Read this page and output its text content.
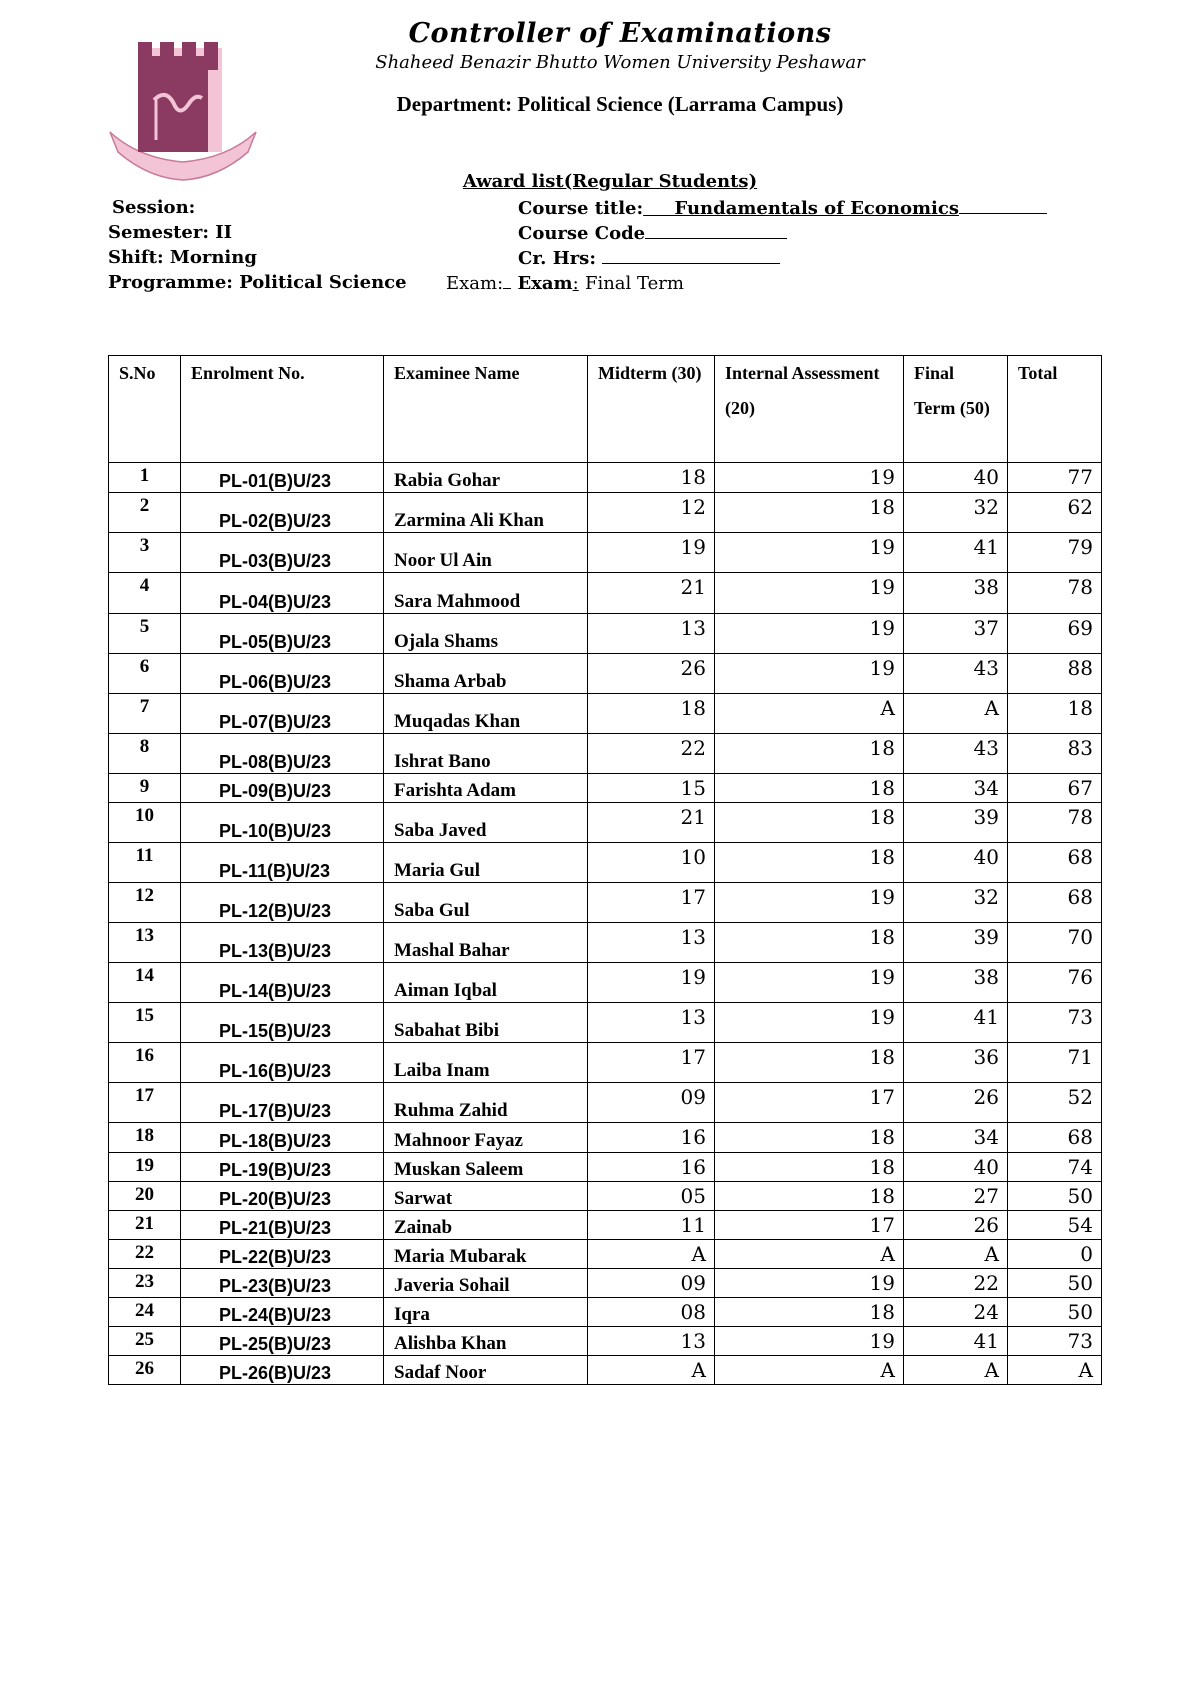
Controller of Examinations
Shaheed Benazir Bhutto Women University Peshawar
Department: Political Science (Larrama Campus)
Award list(Regular Students)
Session:
Semester: II
Shift: Morning
Programme: Political Science
Course title: Fundamentals of Economics
Course Code
Cr. Hrs:
Exam: Exam: Final Term
S.No	Enrolment No.	Examinee Name	Midterm (30)	Internal Assessment (20)	Final Term (50)	Total
1	PL-01(B)U/23	Rabia Gohar	18	19	40	77
2	PL-02(B)U/23	Zarmina Ali Khan	12	18	32	62
3	PL-03(B)U/23	Noor Ul Ain	19	19	41	79
4	PL-04(B)U/23	Sara Mahmood	21	19	38	78
5	PL-05(B)U/23	Ojala Shams	13	19	37	69
6	PL-06(B)U/23	Shama Arbab	26	19	43	88
7	PL-07(B)U/23	Muqadas Khan	18	A	A	18
8	PL-08(B)U/23	Ishrat Bano	22	18	43	83
9	PL-09(B)U/23	Farishta Adam	15	18	34	67
10	PL-10(B)U/23	Saba Javed	21	18	39	78
11	PL-11(B)U/23	Maria Gul	10	18	40	68
12	PL-12(B)U/23	Saba Gul	17	19	32	68
13	PL-13(B)U/23	Mashal Bahar	13	18	39	70
14	PL-14(B)U/23	Aiman Iqbal	19	19	38	76
15	PL-15(B)U/23	Sabahat Bibi	13	19	41	73
16	PL-16(B)U/23	Laiba Inam	17	18	36	71
17	PL-17(B)U/23	Ruhma Zahid	09	17	26	52
18	PL-18(B)U/23	Mahnoor Fayaz	16	18	34	68
19	PL-19(B)U/23	Muskan Saleem	16	18	40	74
20	PL-20(B)U/23	Sarwat	05	18	27	50
21	PL-21(B)U/23	Zainab	11	17	26	54
22	PL-22(B)U/23	Maria Mubarak	A	A	A	0
23	PL-23(B)U/23	Javeria Sohail	09	19	22	50
24	PL-24(B)U/23	Iqra	08	18	24	50
25	PL-25(B)U/23	Alishba Khan	13	19	41	73
26	PL-26(B)U/23	Sadaf Noor	A	A	A	A
